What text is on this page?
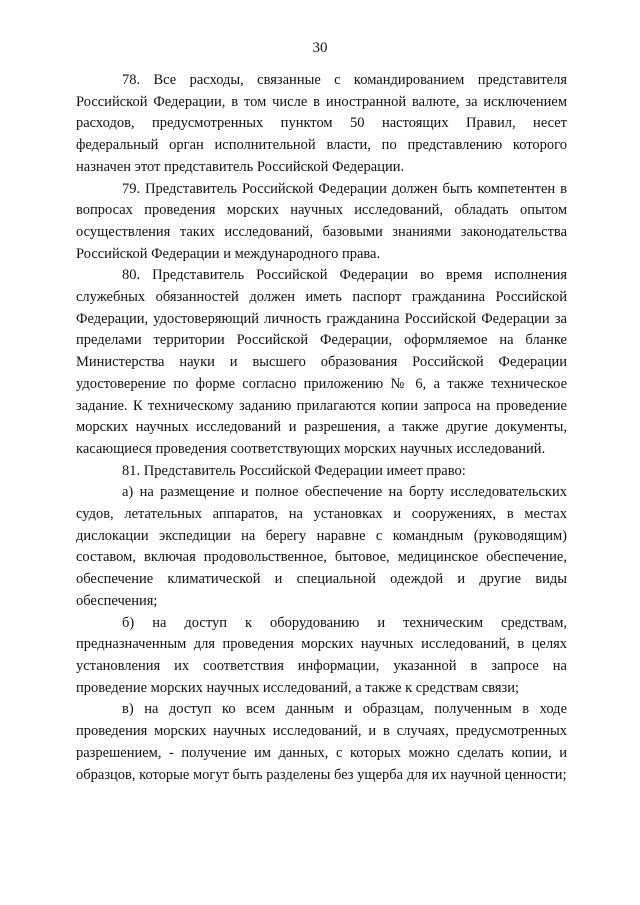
30

78. Все расходы, связанные с командированием представителя Российской Федерации, в том числе в иностранной валюте, за исключением расходов, предусмотренных пунктом 50 настоящих Правил, несет федеральный орган исполнительной власти, по представлению которого назначен этот представитель Российской Федерации.

79. Представитель Российской Федерации должен быть компетентен в вопросах проведения морских научных исследований, обладать опытом осуществления таких исследований, базовыми знаниями законодательства Российской Федерации и международного права.

80. Представитель Российской Федерации во время исполнения служебных обязанностей должен иметь паспорт гражданина Российской Федерации, удостоверяющий личность гражданина Российской Федерации за пределами территории Российской Федерации, оформляемое на бланке Министерства науки и высшего образования Российской Федерации удостоверение по форме согласно приложению № 6, а также техническое задание. К техническому заданию прилагаются копии запроса на проведение морских научных исследований и разрешения, а также другие документы, касающиеся проведения соответствующих морских научных исследований.

81. Представитель Российской Федерации имеет право:

а) на размещение и полное обеспечение на борту исследовательских судов, летательных аппаратов, на установках и сооружениях, в местах дислокации экспедиции на берегу наравне с командным (руководящим) составом, включая продовольственное, бытовое, медицинское обеспечение, обеспечение климатической и специальной одеждой и другие виды обеспечения;

б) на доступ к оборудованию и техническим средствам, предназначенным для проведения морских научных исследований, в целях установления их соответствия информации, указанной в запросе на проведение морских научных исследований, а также к средствам связи;

в) на доступ ко всем данным и образцам, полученным в ходе проведения морских научных исследований, и в случаях, предусмотренных разрешением, - получение им данных, с которых можно сделать копии, и образцов, которые могут быть разделены без ущерба для их научной ценности;
